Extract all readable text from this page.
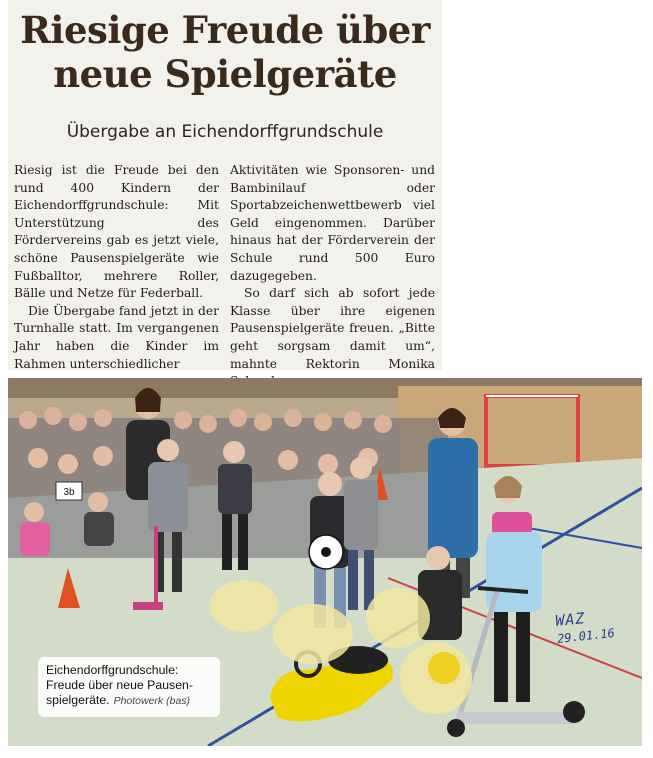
Riesige Freude über
neue Spielgeräte
Übergabe an Eichendorffgrundschule

Riesig ist die Freude bei den rund 400 Kindern der Eichendorffgrundschule: Mit Unterstützung des Fördervereins gab es jetzt viele, schöne Pausenspielgeräte wie Fußballtor, mehrere Roller, Bälle und Netze für Federball.

Die Übergabe fand jetzt in der Turnhalle statt. Im vergangenen Jahr haben die Kinder im Rahmen unterschiedlicher

Aktivitäten wie Sponsoren- und Bambinilauf oder Sportabzeichenwettbewerb viel Geld eingenommen. Darüber hinaus hat der Förderverein der Schule rund 500 Euro dazugegeben.

So darf sich ab sofort jede Klasse über ihre eigenen Pausenspielgeräte freuen. „Bitte geht sorgsam damit um“, mahnte Rektorin Monika

3b
Eichendorffgrundschule:
Freude über neue Pausen-
spielgeräte. Photowerk (bas)
WAZ
29.01.16
